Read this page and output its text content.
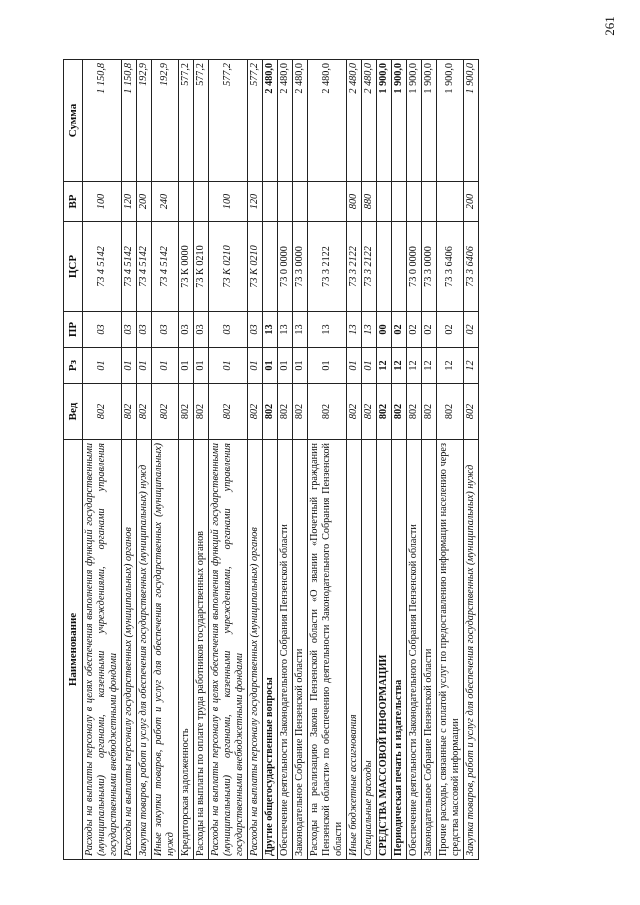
261
Наименование	Вед	Рз	ПР	ЦСР	ВР	Сумма
Расходы на выплаты персоналу в целях обеспечения выполнения функций государственными (муниципальными) органами, казенными учреждениями, органами управления государственными внебюджетными фондами	802	01	03	73 4 5142	100	1 150,8
Расходы на выплаты персоналу государственных (муниципальных) органов	802	01	03	73 4 5142	120	1 150,8
Закупка товаров, работ и услуг для обеспечения государственных (муниципальных) нужд	802	01	03	73 4 5142	200	192,9
Иные закупки товаров, работ и услуг для обеспечения государственных (муниципальных) нужд	802	01	03	73 4 5142	240	192,9
Кредиторская задолженность	802	01	03	73 К 0000		577,2
Расходы на выплаты по оплате труда работников государственных органов	802	01	03	73 К 0210		577,2
Расходы на выплаты персоналу в целях обеспечения выполнения функций государственными (муниципальными) органами, казенными учреждениями, органами управления государственными внебюджетными фондами	802	01	03	73 К 0210	100	577,2
Расходы на выплаты персоналу государственных (муниципальных) органов	802	01	03	73 К 0210	120	577,2
Другие общегосударственные вопросы	802	01	13			2 480,0
Обеспечение деятельности Законодательного Собрания Пензенской области	802	01	13	73 0 0000		2 480,0
Законодательное Собрание Пензенской области	802	01	13	73 3 0000		2 480,0
Расходы на реализацию Закона Пензенской области «О звании «Почетный гражданин Пензенской области» по обеспечению деятельности Законодательного Собрания Пензенской области	802	01	13	73 3 2122		2 480,0
Иные бюджетные ассигнования	802	01	13	73 3 2122	800	2 480,0
Специальные расходы	802	01	13	73 3 2122	880	2 480,0
СРЕДСТВА МАССОВОЙ ИНФОРМАЦИИ	802	12	00			1 900,0
Периодическая печать и издательства	802	12	02			1 900,0
Обеспечение деятельности Законодательного Собрания Пензенской области	802	12	02	73 0 0000		1 900,0
Законодательное Собрание Пензенской области	802	12	02	73 3 0000		1 900,0
Прочие расходы, связанные с оплатой услуг по предоставлению информации населению через средства массовой информации	802	12	02	73 3 6406		1 900,0
Закупка товаров, работ и услуг для обеспечения государственных (муниципальных) нужд	802	12	02	73 3 6406	200	1 900,0
